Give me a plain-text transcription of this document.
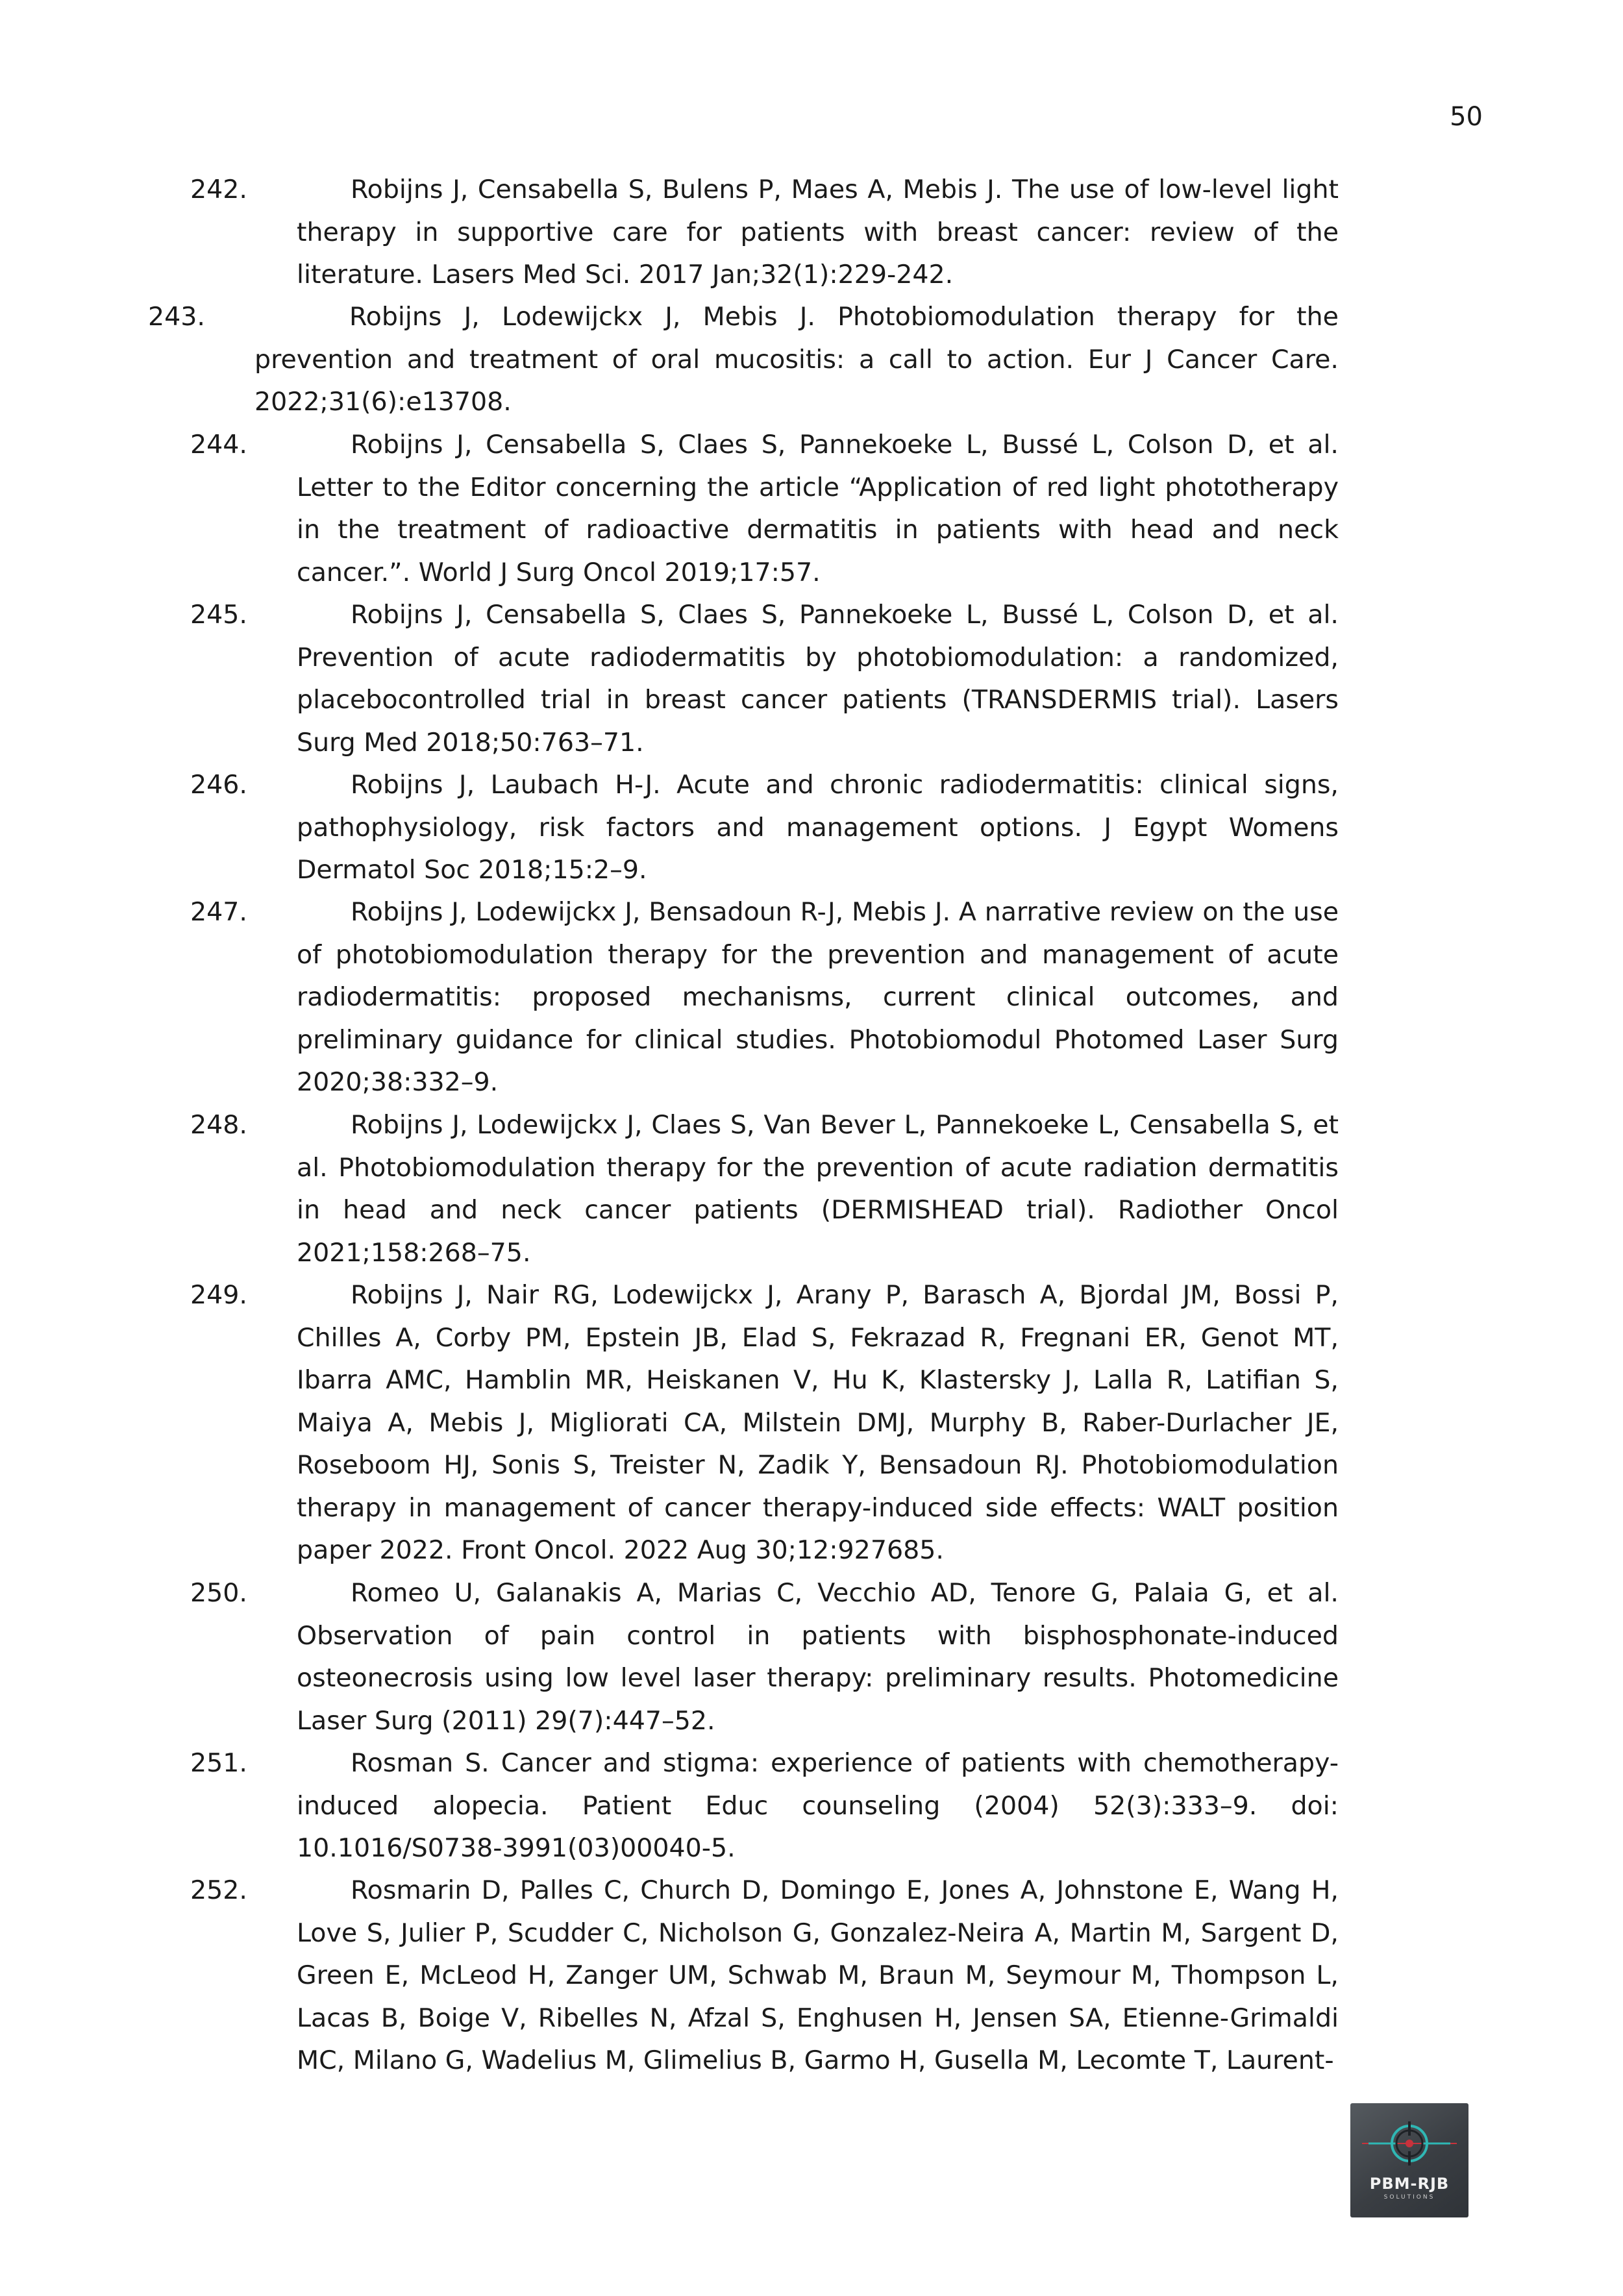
50
242.	Robijns J, Censabella S, Bulens P, Maes A, Mebis J. The use of low-level light therapy in supportive care for patients with breast cancer: review of the literature. Lasers Med Sci. 2017 Jan;32(1):229-242.
243.	Robijns J, Lodewijckx J, Mebis J. Photobiomodulation therapy for the prevention and treatment of oral mucositis: a call to action. Eur J Cancer Care. 2022;31(6):e13708.
244.	Robijns J, Censabella S, Claes S, Pannekoeke L, Bussé L, Colson D, et al. Letter to the Editor concerning the article “Application of red light phototherapy in the treatment of radioactive dermatitis in patients with head and neck cancer.”. World J Surg Oncol 2019;17:57.
245.	Robijns J, Censabella S, Claes S, Pannekoeke L, Bussé L, Colson D, et al. Prevention of acute radiodermatitis by photobiomodulation: a randomized, placebocontrolled trial in breast cancer patients (TRANSDERMIS trial). Lasers Surg Med 2018;50:763–71.
246.	Robijns J, Laubach H-J. Acute and chronic radiodermatitis: clinical signs, pathophysiology, risk factors and management options. J Egypt Womens Dermatol Soc 2018;15:2–9.
247.	Robijns J, Lodewijckx J, Bensadoun R-J, Mebis J. A narrative review on the use of photobiomodulation therapy for the prevention and management of acute radiodermatitis: proposed mechanisms, current clinical outcomes, and preliminary guidance for clinical studies. Photobiomodul Photomed Laser Surg 2020;38:332–9.
248.	Robijns J, Lodewijckx J, Claes S, Van Bever L, Pannekoeke L, Censabella S, et al. Photobiomodulation therapy for the prevention of acute radiation dermatitis in head and neck cancer patients (DERMISHEAD trial). Radiother Oncol 2021;158:268–75.
249.	Robijns J, Nair RG, Lodewijckx J, Arany P, Barasch A, Bjordal JM, Bossi P, Chilles A, Corby PM, Epstein JB, Elad S, Fekrazad R, Fregnani ER, Genot MT, Ibarra AMC, Hamblin MR, Heiskanen V, Hu K, Klastersky J, Lalla R, Latifian S, Maiya A, Mebis J, Migliorati CA, Milstein DMJ, Murphy B, Raber-Durlacher JE, Roseboom HJ, Sonis S, Treister N, Zadik Y, Bensadoun RJ. Photobiomodulation therapy in management of cancer therapy-induced side effects: WALT position paper 2022. Front Oncol. 2022 Aug 30;12:927685.
250.	Romeo U, Galanakis A, Marias C, Vecchio AD, Tenore G, Palaia G, et al. Observation of pain control in patients with bisphosphonate-induced osteonecrosis using low level laser therapy: preliminary results. Photomedicine Laser Surg (2011) 29(7):447–52.
251.	Rosman S. Cancer and stigma: experience of patients with chemotherapy-induced alopecia. Patient Educ counseling (2004) 52(3):333–9. doi: 10.1016/S0738-3991(03)00040-5.
252.	Rosmarin D, Palles C, Church D, Domingo E, Jones A, Johnstone E, Wang H, Love S, Julier P, Scudder C, Nicholson G, Gonzalez-Neira A, Martin M, Sargent D, Green E, McLeod H, Zanger UM, Schwab M, Braun M, Seymour M, Thompson L, Lacas B, Boige V, Ribelles N, Afzal S, Enghusen H, Jensen SA, Etienne-Grimaldi MC, Milano G, Wadelius M, Glimelius B, Garmo H, Gusella M, Lecomte T, Laurent-
PBM-RJB
SOLUTIONS
